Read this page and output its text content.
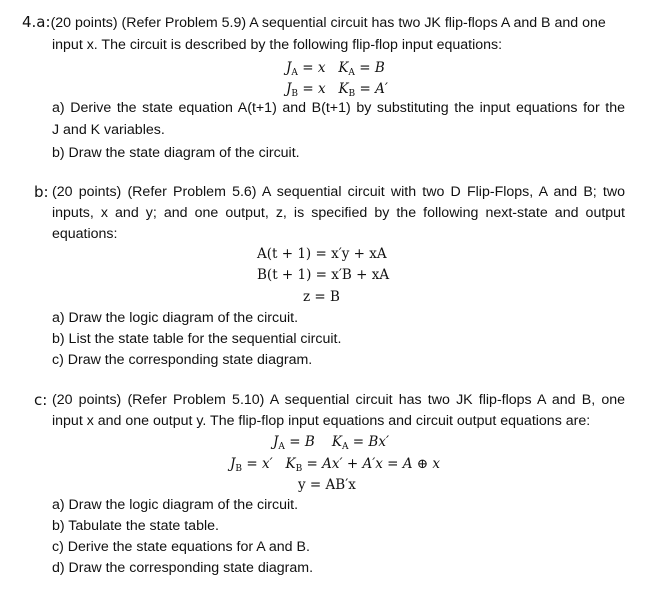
4.a:(20 points) (Refer Problem 5.9) A sequential circuit has two JK flip-flops A and B and one
input x. The circuit is described by the following flip-flop input equations:
$J_A = x$ $K_A = B$
$J_B = x$ $K_B = A'$
a) Derive the state equation A(t+1) and B(t+1) by substituting the input equations for the
J and K variables.
b) Draw the state diagram of the circuit.
b: (20 points) (Refer Problem 5.6) A sequential circuit with two D Flip-Flops, A and B; two
inputs, x and y; and one output, z, is specified by the following next-state and output
equations:
A(t + 1) = x′y + xA
B(t + 1) = x′B + xA
z = B
a) Draw the logic diagram of the circuit.
b) List the state table for the sequential circuit.
c) Draw the corresponding state diagram.
c: (20 points) (Refer Problem 5.10) A sequential circuit has two JK flip-flops A and B, one
input x and one output y. The flip-flop input equations and circuit output equations are:
$J_A = B$ $K_A = Bx'$
$J_B = x'$ $K_B = Ax' + A'x = A$ ⊕ x
y = AB′x
a) Draw the logic diagram of the circuit.
b) Tabulate the state table.
c) Derive the state equations for A and B.
d) Draw the corresponding state diagram.
